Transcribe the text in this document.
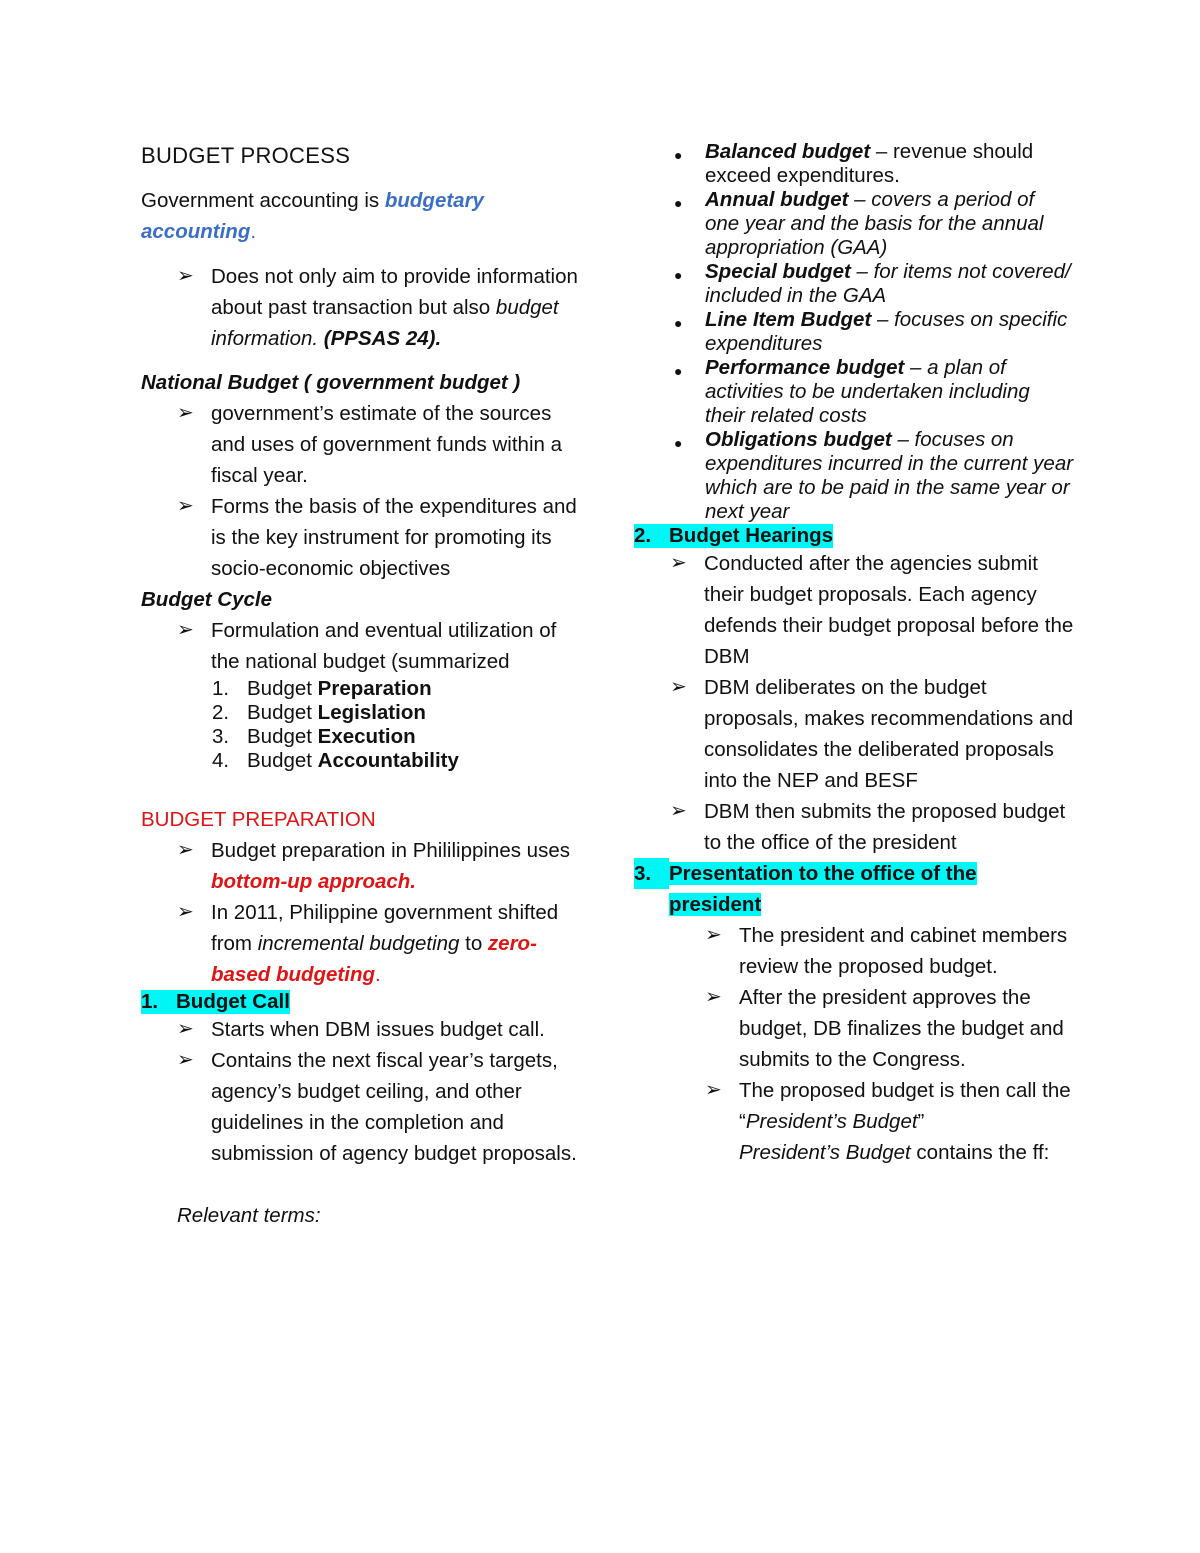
BUDGET PROCESS

Government accounting is budgetary accounting.

➢ Does not only aim to provide information about past transaction but also budget information. (PPSAS 24).

National Budget ( government budget )

➢ government’s estimate of the sources and uses of government funds within a fiscal year.
➢ Forms the basis of the expenditures and is the key instrument for promoting its socio-economic objectives

Budget Cycle

➢ Formulation and eventual utilization of the national budget (summarized
1. Budget Preparation
2. Budget Legislation
3. Budget Execution
4. Budget Accountability

BUDGET PREPARATION

➢ Budget preparation in Phililippines uses bottom-up approach.
➢ In 2011, Philippine government shifted from incremental budgeting to zero-based budgeting.
1. Budget Call
➢ Starts when DBM issues budget call.
➢ Contains the next fiscal year’s targets, agency’s budget ceiling, and other guidelines in the completion and submission of agency budget proposals.

Relevant terms:

●	Balanced budget – revenue should exceed expenditures.
●	Annual budget – covers a period of one year and the basis for the annual appropriation (GAA)
●	Special budget – for items not covered/ included in the GAA
●	Line Item Budget – focuses on specific expenditures
●	Performance budget – a plan of activities to be undertaken including their related costs
●	Obligations budget – focuses on expenditures incurred in the current year which are to be paid in the same year or next year
2. Budget Hearings
➢ Conducted after the agencies submit their budget proposals. Each agency defends their budget proposal before the DBM
➢ DBM deliberates on the budget proposals, makes recommendations and consolidates the deliberated proposals into the NEP and BESF
➢ DBM then submits the proposed budget to the office of the president
3. Presentation to the office of the
president
➢ The president and cabinet members review the proposed budget.
➢ After the president approves the budget, DB finalizes the budget and submits to the Congress.
➢ The proposed budget is then call the “President’s Budget”
President’s Budget contains the ff:
